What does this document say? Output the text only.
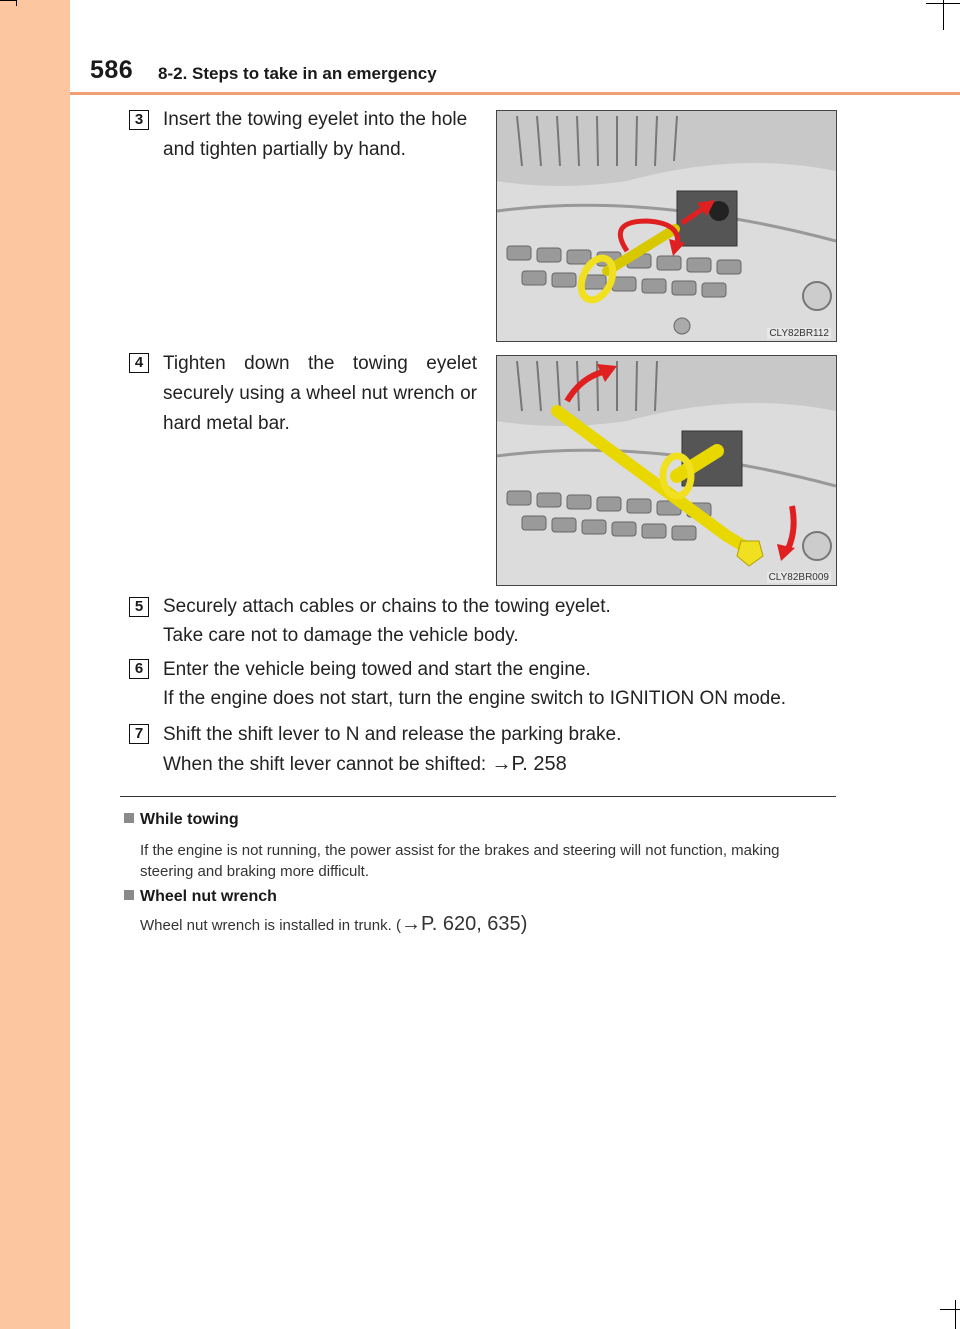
586 8-2. Steps to take in an emergency
3	Insert the towing eyelet into the hole and tighten partially by hand.
CLY82BR112
4	Tighten down the towing eyelet securely using a wheel nut wrench or hard metal bar.
CLY82BR009
5	Securely attach cables or chains to the towing eyelet.
Take care not to damage the vehicle body.
6	Enter the vehicle being towed and start the engine.
If the engine does not start, turn the engine switch to IGNITION ON mode.
7	Shift the shift lever to N and release the parking brake.
When the shift lever cannot be shifted: →P. 258
While towing
If the engine is not running, the power assist for the brakes and steering will not function, making steering and braking more difficult.
Wheel nut wrench
Wheel nut wrench is installed in trunk. (→P. 620, 635)
